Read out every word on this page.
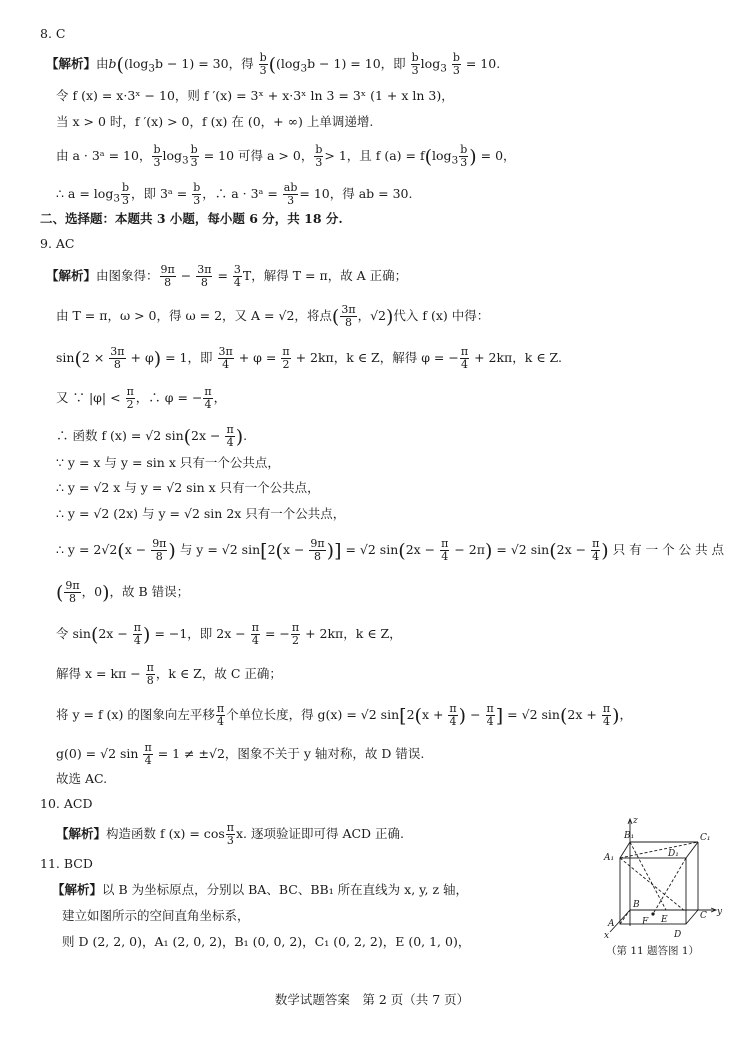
8. C
【解析】由$b((\log_3b - 1) = 30$，得 $\frac{b}{3} ((\log_3b - 1) = 10$，即 $\frac{b}{3} \log_3 \frac{b}{3} = 10$.
令 f (x) = x·3ˣ − 10，则 f ′(x) = 3ˣ + x·3ˣ ln 3 = 3ˣ (1 + x ln 3)，
当 x > 0 时，f ′(x) > 0，f (x) 在 (0，+ ∞) 上单调递增.
由 a · 3ᵃ = 10， $\frac{b}{3} \log_3 \frac{b}{3} = 10$ 可得 a > 0， $\frac{b}{3} > 1$，且 f $(a) = f(\log_3 \frac{b}{3}$ ) = 0，
∴ $a = \log_3 \frac{b}{3}$ ，即 3ᵃ = $\frac{b}{3}$ ，∴ a · 3ᵃ = $\frac{ab}{3} = 10$，得 ab = 30.
二、选择题：本题共 3 小题，每小题 6 分，共 18 分.
9. AC
【解析】由图象得： $\frac{9\pi}{8} - \frac{3\pi}{8} = \frac{3}{4}$ T，解得 T = π，故 A 正确；
由 T = π，ω > 0，得 ω = 2，又 A = √2，将点( $\frac{3\pi}{8}$ ，√2)代入 f (x) 中得：
$\sin(2 \times \frac{3\pi}{8} + \varphi) = 1$，即 $\frac{3\pi}{4} + \varphi = \frac{\pi}{2} + 2k\pi$，k ∈ Z，解得 φ = − $\frac{\pi}{4} + 2k\pi$，k ∈ Z.
又 ∵ $|\varphi| < \frac{\pi}{2}$ ，∴ φ = − $\frac{\pi}{4}$ ，
∴ 函数 f (x) = √2 $\sin(2x - \frac{\pi}{4}$ ).
∵ y = x 与 y = sin x 只有一个公共点，
∴ y = √2 x 与 y = √2 sin x 只有一个公共点，
∴ y = √2 (2x) 与 y = √2 sin 2x 只有一个公共点，
∴ $y = 2√2(x - \frac{9\pi}{8}$ ) 与 y = √2 $\sin[2(x - \frac{9\pi}{8}$ )] = √2 $\sin(2x - \frac{\pi}{4} - 2\pi) = √2$ $\sin(2x - \frac{\pi}{4}$ ) 只 有 一 个 公 共 点
( $\frac{9\pi}{8}$ ，0)，故 B 错误；
令 $\sin(2x - \frac{\pi}{4}$ ) = −1，即 $2x - \frac{\pi}{4}$ = − $\frac{\pi}{2} + 2k\pi$，k ∈ Z，
解得 $x = k\pi - \frac{\pi}{8}$ ，k ∈ Z，故 C 正确；
将 y = f (x) 的图象向左平移 $\frac{\pi}{4}$ 个单位长度，得 g(x) = √2 $\sin[2(x + \frac{\pi}{4}$ ) − $\frac{\pi}{4}$ ] = √2 $\sin(2x + \frac{\pi}{4}$ )，
g(0) = √2 $\sin \frac{\pi}{4} = 1 \ne \pm√2$，图象不关于 y 轴对称，故 D 错误.
故选 AC.
10. ACD
【解析】构造函数 f $(x) = \cos \frac{\pi}{3} x$. 逐项验证即可得 ACD 正确.
11. BCD
【解析】以 B 为坐标原点，分别以 BA、BC、BB₁ 所在直线为 x, y, z 轴，
建立如图所示的空间直角坐标系，
则 D (2, 2, 0)，A₁ (2, 0, 2)，B₁ (0, 0, 2)，C₁ (0, 2, 2)，E (0, 1, 0)，
z
y
x
B₁	C₁
A₁	D₁
B
C
A
D
E
F
（第 11 题答图 1）
数学试题答案　第 2 页（共 7 页）
